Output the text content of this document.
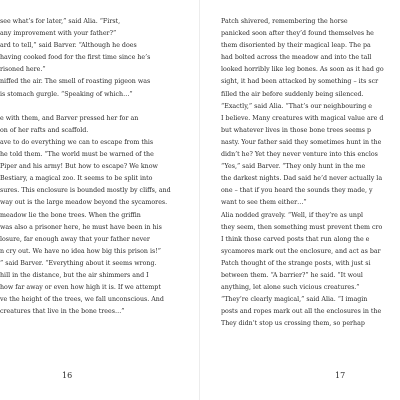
see what’s for later,” said Alia. “First,
any improvement with your father?”
ard to tell,” said Barver. “Although he does
having cooked food for the first time since he’s
risoned here.”
niffed the air. The smell of roasting pigeon was
is stomach gurgle. “Speaking of which…”
e with them, and Barver pressed her for an
on of her rafts and scaffold.
ave to do everything we can to escape from this
he told them. “The world must be warned of the
Piper and his army! But how to escape? We know
Bestiary, a magical zoo. It seems to be split into
sures. This enclosure is bounded mostly by cliffs, and
way out is the large meadow beyond the sycamores.
meadow lie the bone trees. When the griffin
was also a prisoner here, he must have been in his
losure, far enough away that your father never
n cry out. We have no idea how big this prison is!”
” said Barver. “Everything about it seems wrong.
hill in the distance, but the air shimmers and I
how far away or even how high it is. If we attempt
ve the height of the trees, we fall unconscious. And
creatures that live in the bone trees…”
16
Patch shivered, remembering the horse
panicked soon after they’d found themselves he
them disoriented by their magical leap. The pa
had bolted across the meadow and into the tall
looked horribly like leg bones. As soon as it had go
sight, it had been attacked by something – its scr
filled the air before suddenly being silenced.
“Exactly,” said Alia. “That’s our neighbouring e
I believe. Many creatures with magical value are d
but whatever lives in those bone trees seems p
nasty. Your father said they sometimes hunt in the
didn’t he? Yet they never venture into this enclos
“Yes,” said Barver. “They only hunt in the me
the darkest nights. Dad said he’d never actually la
one – that if you heard the sounds they made, y
want to see them either…”
Alia nodded gravely. “Well, if they’re as unpl
they seem, then something must prevent them cro
I think those carved posts that run along the e
sycamores mark out the enclosure, and act as bar
Patch thought of the strange posts, with just si
between them. “A barrier?” he said. “It woul
anything, let alone such vicious creatures.”
“They’re clearly magical,” said Alia. “I imagin
posts and ropes mark out all the enclosures in the
They didn’t stop us crossing them, so perhap
17
